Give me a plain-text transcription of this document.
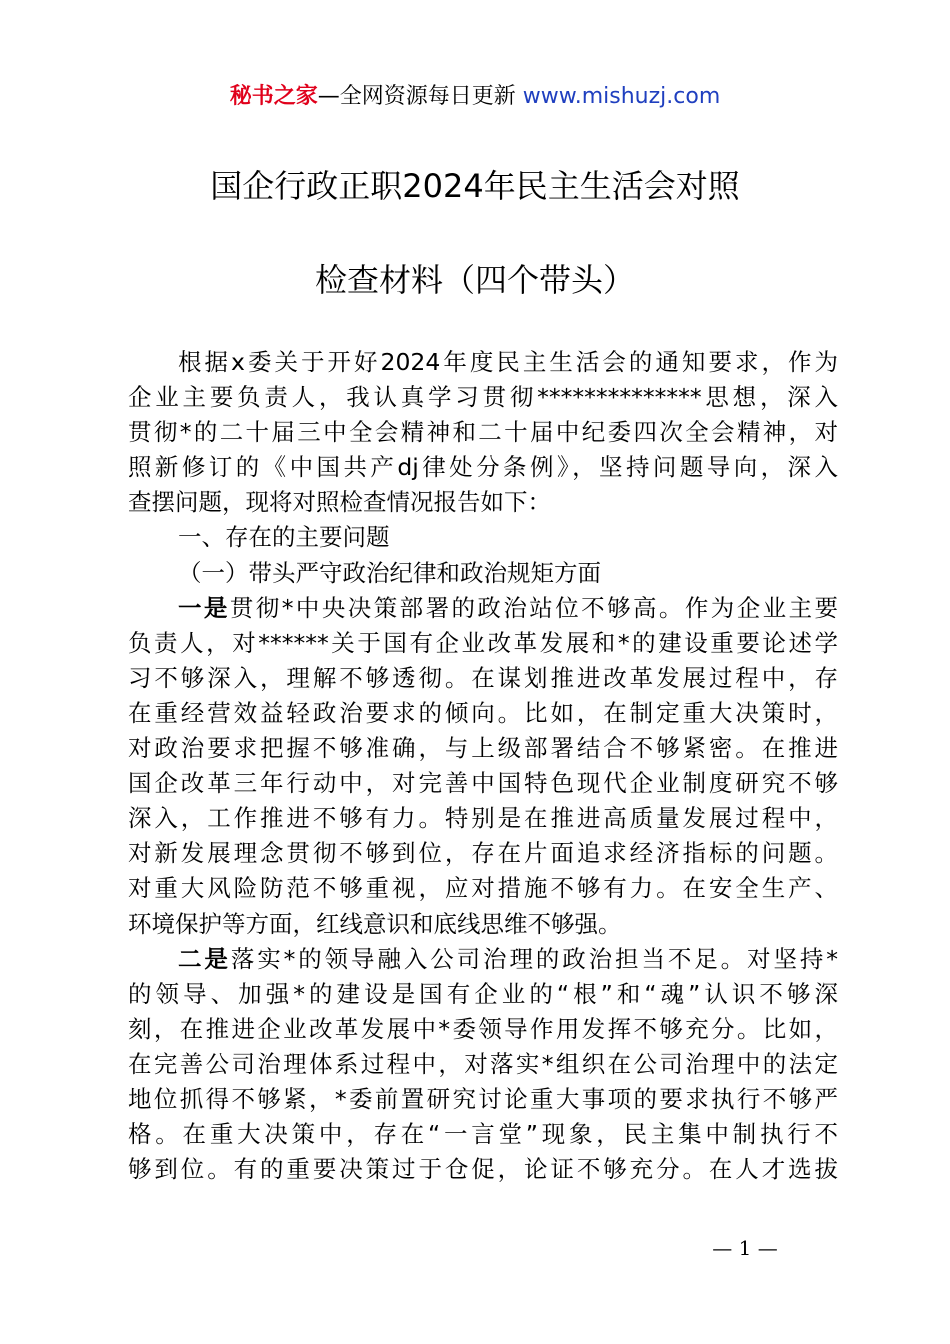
秘书之家—全网资源每日更新 www.mishuzj.com
国企行政正职2024年民主生活会对照
检查材料（四个带头）
根据x委关于开好2024年度民主生活会的通知要求，作为
企业主要负责人，我认真学习贯彻**************思想，深入
贯彻*的二十届三中全会精神和二十届中纪委四次全会精神，对
照新修订的《中国共产dj律处分条例》，坚持问题导向，深入
查摆问题，现将对照检查情况报告如下：
一、存在的主要问题
（一）带头严守政治纪律和政治规矩方面
一是贯彻*中央决策部署的政治站位不够高。作为企业主要
负责人，对******关于国有企业改革发展和*的建设重要论述学
习不够深入，理解不够透彻。在谋划推进改革发展过程中，存
在重经营效益轻政治要求的倾向。比如，在制定重大决策时，
对政治要求把握不够准确，与上级部署结合不够紧密。在推进
国企改革三年行动中，对完善中国特色现代企业制度研究不够
深入，工作推进不够有力。特别是在推进高质量发展过程中，
对新发展理念贯彻不够到位，存在片面追求经济指标的问题。
对重大风险防范不够重视，应对措施不够有力。在安全生产、
环境保护等方面，红线意识和底线思维不够强。
二是落实*的领导融入公司治理的政治担当不足。对坚持*
的领导、加强*的建设是国有企业的“根”和“魂”认识不够深
刻，在推进企业改革发展中*委领导作用发挥不够充分。比如，
在完善公司治理体系过程中，对落实*组织在公司治理中的法定
地位抓得不够紧，*委前置研究讨论重大事项的要求执行不够严
格。在重大决策中，存在“一言堂”现象，民主集中制执行不
够到位。有的重要决策过于仓促，论证不够充分。在人才选拔
— 1 —
